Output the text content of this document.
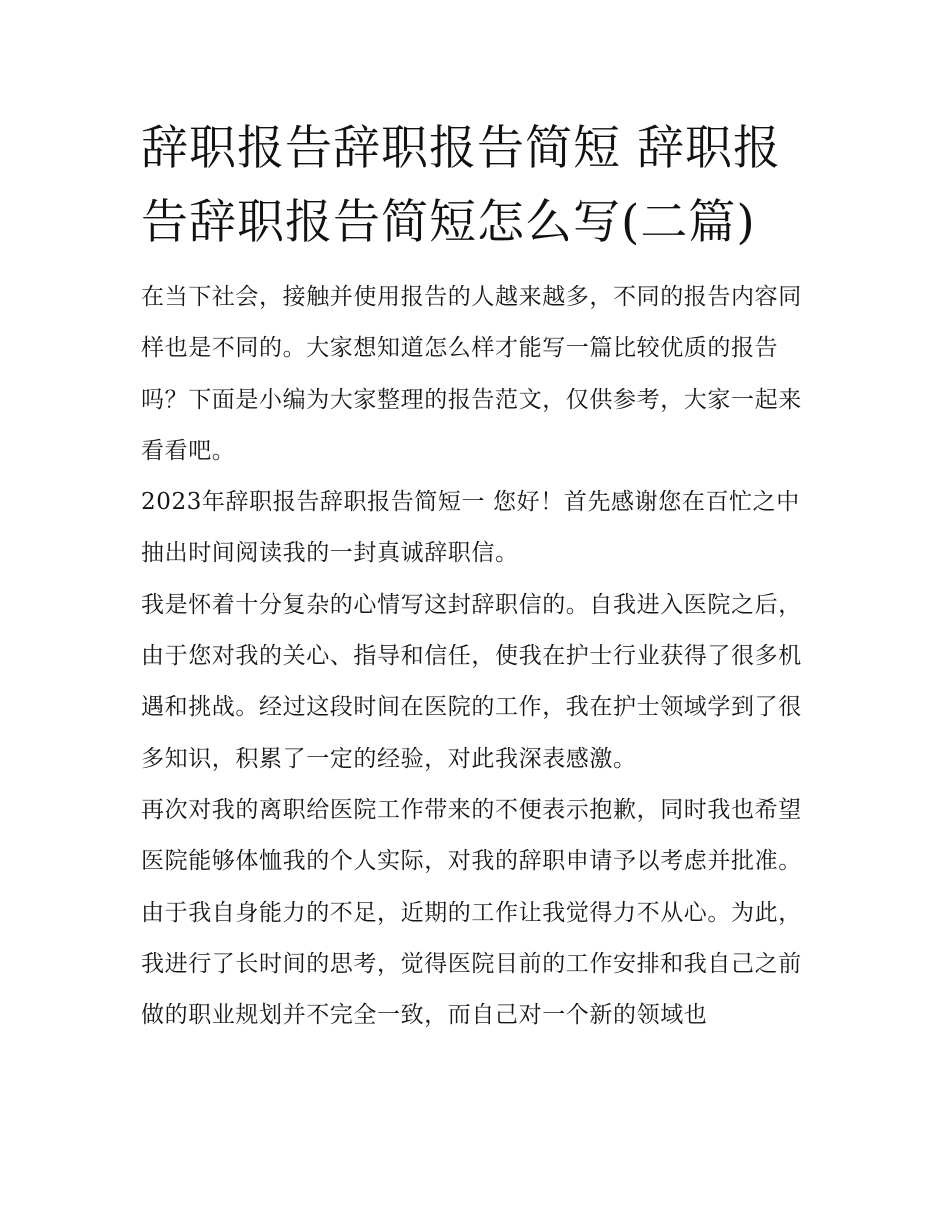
辞职报告辞职报告简短 辞职报告辞职报告简短怎么写(二篇)

在当下社会，接触并使用报告的人越来越多，不同的报告内容同样也是不同的。大家想知道怎么样才能写一篇比较优质的报告吗？下面是小编为大家整理的报告范文，仅供参考，大家一起来看看吧。

2023年辞职报告辞职报告简短一 您好！首先感谢您在百忙之中抽出时间阅读我的一封真诚辞职信。

我是怀着十分复杂的心情写这封辞职信的。自我进入医院之后，由于您对我的关心、指导和信任，使我在护士行业获得了很多机遇和挑战。经过这段时间在医院的工作，我在护士领域学到了很多知识，积累了一定的经验，对此我深表感激。

再次对我的离职给医院工作带来的不便表示抱歉，同时我也希望医院能够体恤我的个人实际，对我的辞职申请予以考虑并批准。

由于我自身能力的不足，近期的工作让我觉得力不从心。为此，我进行了长时间的思考，觉得医院目前的工作安排和我自己之前做的职业规划并不完全一致，而自己对一个新的领域也
